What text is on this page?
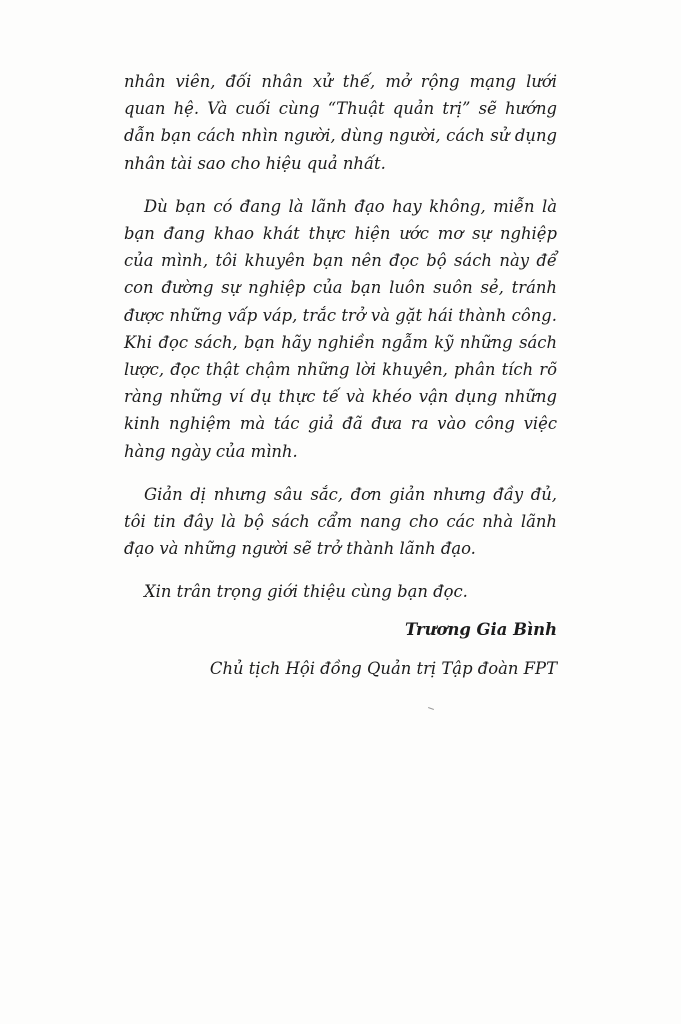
nhân viên, đối nhân xử thế, mở rộng mạng lưới quan hệ. Và cuối cùng “Thuật quản trị” sẽ hướng dẫn bạn cách nhìn người, dùng người, cách sử dụng nhân tài sao cho hiệu quả nhất.

Dù bạn có đang là lãnh đạo hay không, miễn là bạn đang khao khát thực hiện ước mơ sự nghiệp của mình, tôi khuyên bạn nên đọc bộ sách này để con đường sự nghiệp của bạn luôn suôn sẻ, tránh được những vấp váp, trắc trở và gặt hái thành công. Khi đọc sách, bạn hãy nghiền ngẫm kỹ những sách lược, đọc thật chậm những lời khuyên, phân tích rõ ràng những ví dụ thực tế và khéo vận dụng những kinh nghiệm mà tác giả đã đưa ra vào công việc hàng ngày của mình.

Giản dị nhưng sâu sắc, đơn giản nhưng đầy đủ, tôi tin đây là bộ sách cẩm nang cho các nhà lãnh đạo và những người sẽ trở thành lãnh đạo.

Xin trân trọng giới thiệu cùng bạn đọc.

Trương Gia Bình

Chủ tịch Hội đồng Quản trị Tập đoàn FPT
